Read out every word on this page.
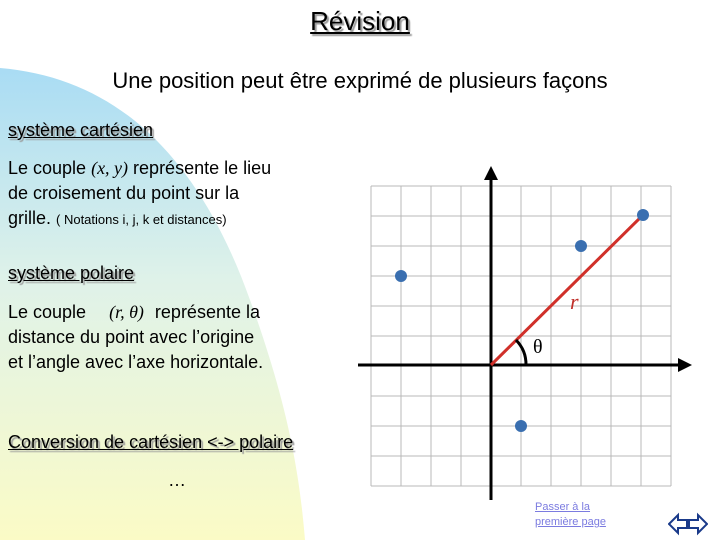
Révision
Une position peut être exprimé de plusieurs façons
système cartésien
Le couple (x, y) représente le lieu
de croisement du point sur la
grille. ( Notations i, j, k et distances)
système polaire
Le couple (r, θ) représente la
distance du point avec l’origine
et l’angle avec l’axe horizontale.
Conversion de cartésien <-> polaire
…
r
θ
Passer à la
première page
